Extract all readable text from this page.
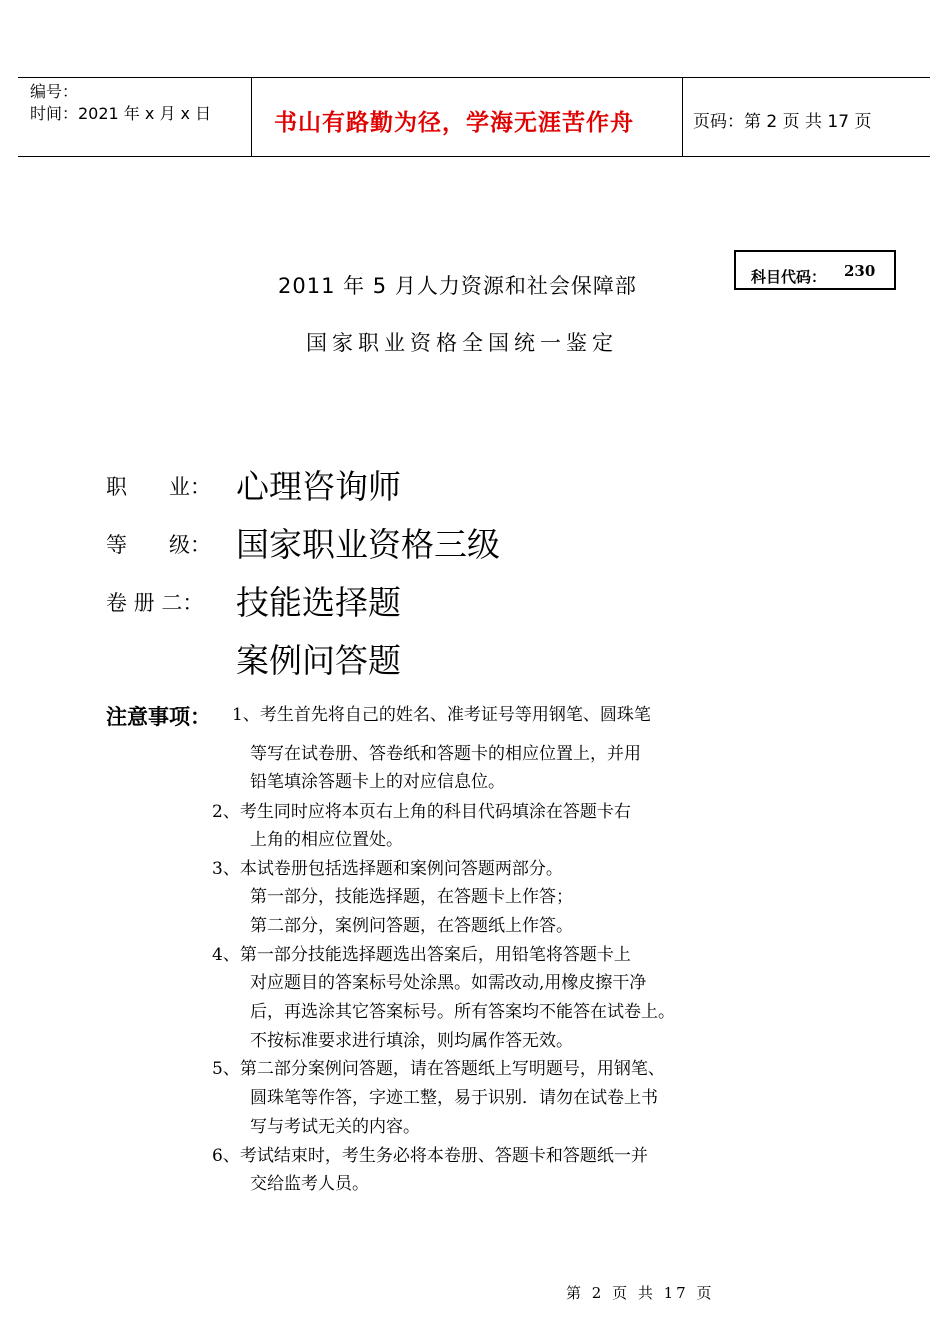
编号：
时间：2021 年 x 月 x 日	书山有路勤为径，学海无涯苦作舟	页码：第 2 页 共 17 页
科目代码： 230
2011 年 5 月人力资源和社会保障部
国家职业资格全国统一鉴定
职　　业： 心理咨询师
等　　级： 国家职业资格三级
卷 册 二： 技能选择题
案例问答题
注意事项： 1、考生首先将自己的姓名、准考证号等用钢笔、圆珠笔
等写在试卷册、答卷纸和答题卡的相应位置上，并用
铅笔填涂答题卡上的对应信息位。
2、考生同时应将本页右上角的科目代码填涂在答题卡右
上角的相应位置处。
3、本试卷册包括选择题和案例问答题两部分。
第一部分，技能选择题，在答题卡上作答；
第二部分，案例问答题，在答题纸上作答。
4、第一部分技能选择题选出答案后，用铅笔将答题卡上
对应题目的答案标号处涂黑。如需改动,用橡皮擦干净
后，再选涂其它答案标号。所有答案均不能答在试卷上。
不按标准要求进行填涂，则均属作答无效。
5、第二部分案例问答题，请在答题纸上写明题号，用钢笔、
圆珠笔等作答，字迹工整，易于识别．请勿在试卷上书
写与考试无关的内容。
6、考试结束时，考生务必将本卷册、答题卡和答题纸一并
交给监考人员。
第 2 页 共 17 页
